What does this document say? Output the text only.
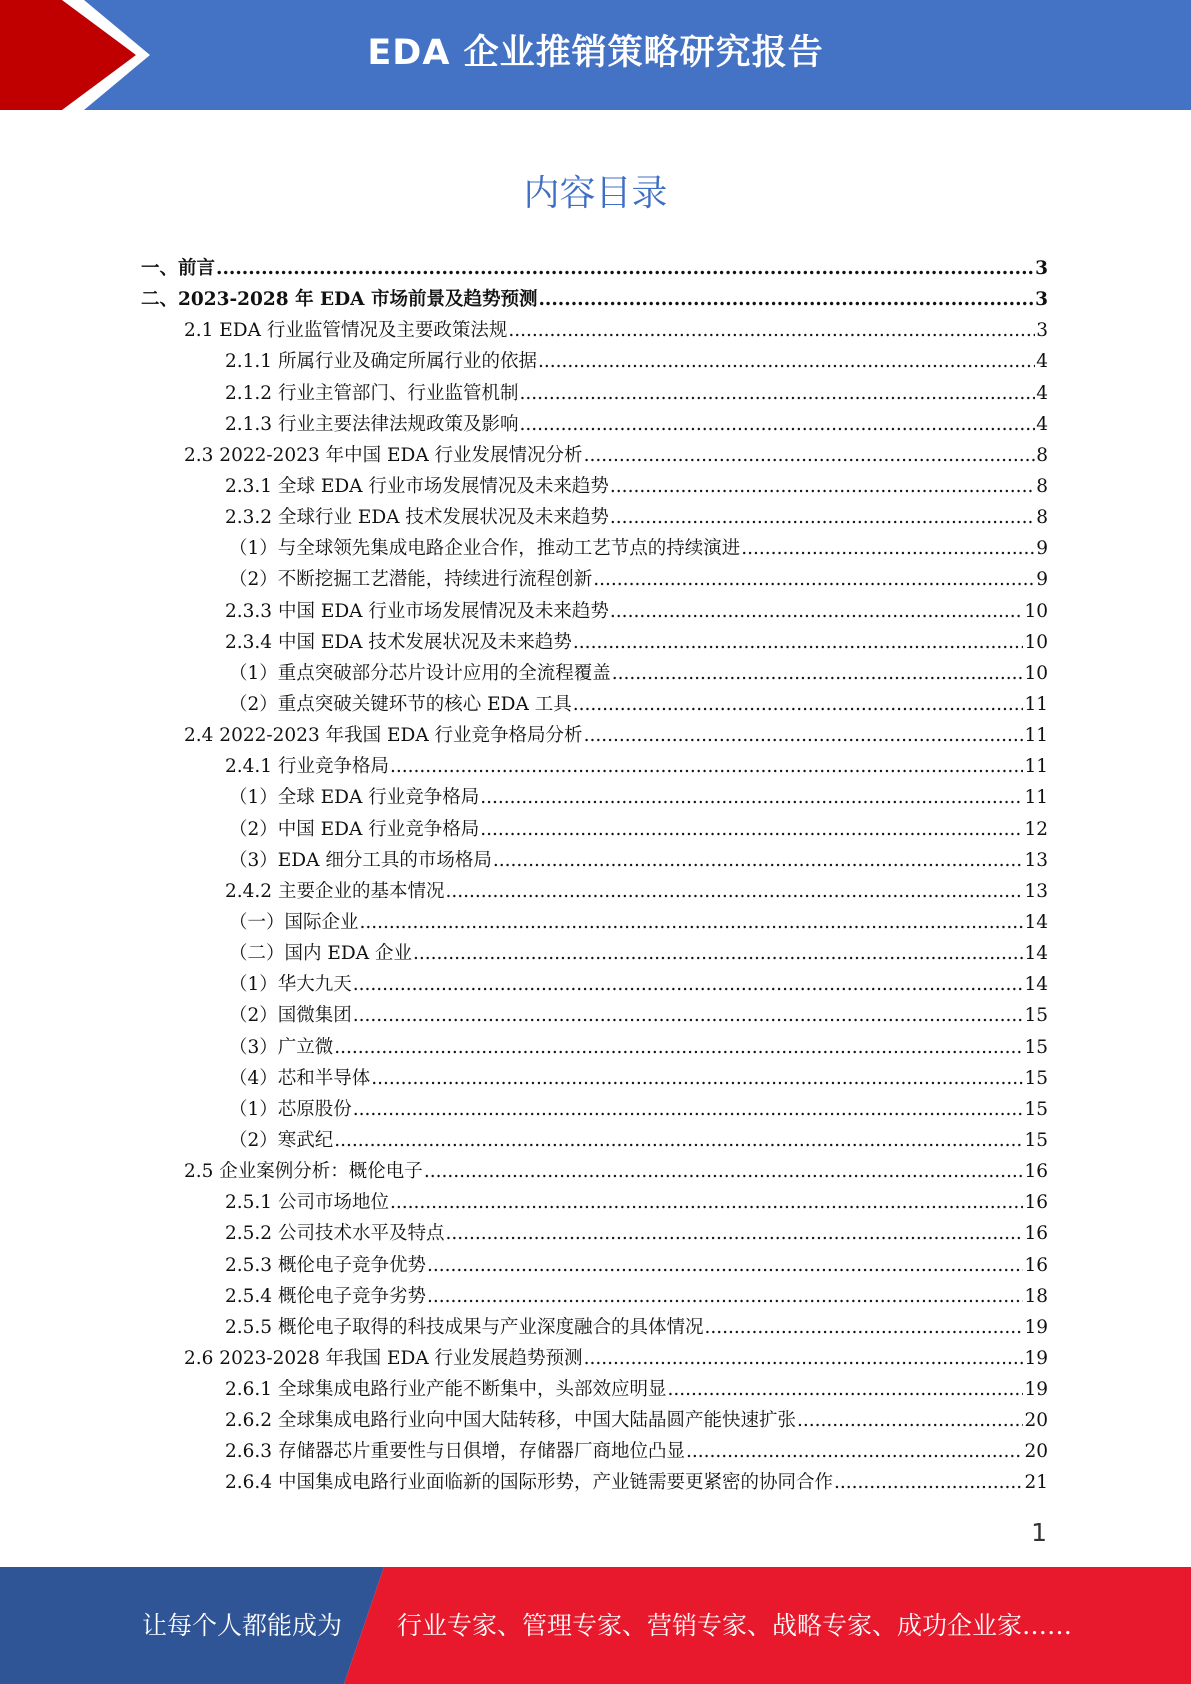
EDA 企业推销策略研究报告
内容目录
一、前言 .....	3
二、2023-2028 年 EDA 市场前景及趋势预测 .....	3
2.1 EDA 行业监管情况及主要政策法规 .....	3
2.1.1 所属行业及确定所属行业的依据 .....	4
2.1.2 行业主管部门、行业监管机制 .....	4
2.1.3 行业主要法律法规政策及影响 .....	4
2.3 2022-2023 年中国 EDA 行业发展情况分析 .....	8
2.3.1 全球 EDA 行业市场发展情况及未来趋势 .....	8
2.3.2 全球行业 EDA 技术发展状况及未来趋势 .....	8
（1）与全球领先集成电路企业合作，推动工艺节点的持续演进 .....	9
（2）不断挖掘工艺潜能，持续进行流程创新 .....	9
2.3.3 中国 EDA 行业市场发展情况及未来趋势 .....	10
2.3.4 中国 EDA 技术发展状况及未来趋势 .....	10
（1）重点突破部分芯片设计应用的全流程覆盖 .....	10
（2）重点突破关键环节的核心 EDA 工具 .....	11
2.4 2022-2023 年我国 EDA 行业竞争格局分析 .....	11
2.4.1 行业竞争格局 .....	11
（1）全球 EDA 行业竞争格局 .....	11
（2）中国 EDA 行业竞争格局 .....	12
（3）EDA 细分工具的市场格局 .....	13
2.4.2 主要企业的基本情况 .....	13
（一）国际企业 .....	14
（二）国内 EDA 企业 .....	14
（1）华大九天 .....	14
（2）国微集团 .....	15
（3）广立微 .....	15
（4）芯和半导体 .....	15
（1）芯原股份 .....	15
（2）寒武纪 .....	15
2.5 企业案例分析：概伦电子 .....	16
2.5.1 公司市场地位 .....	16
2.5.2 公司技术水平及特点 .....	16
2.5.3 概伦电子竞争优势 .....	16
2.5.4 概伦电子竞争劣势 .....	18
2.5.5 概伦电子取得的科技成果与产业深度融合的具体情况 .....	19
2.6 2023-2028 年我国 EDA 行业发展趋势预测 .....	19
2.6.1 全球集成电路行业产能不断集中，头部效应明显 .....	19
2.6.2 全球集成电路行业向中国大陆转移，中国大陆晶圆产能快速扩张 .....	20
2.6.3 存储器芯片重要性与日俱增，存储器厂商地位凸显 .....	20
2.6.4 中国集成电路行业面临新的国际形势，产业链需要更紧密的协同合作 .....	21
1
让每个人都能成为 行业专家、管理专家、营销专家、战略专家、成功企业家……
